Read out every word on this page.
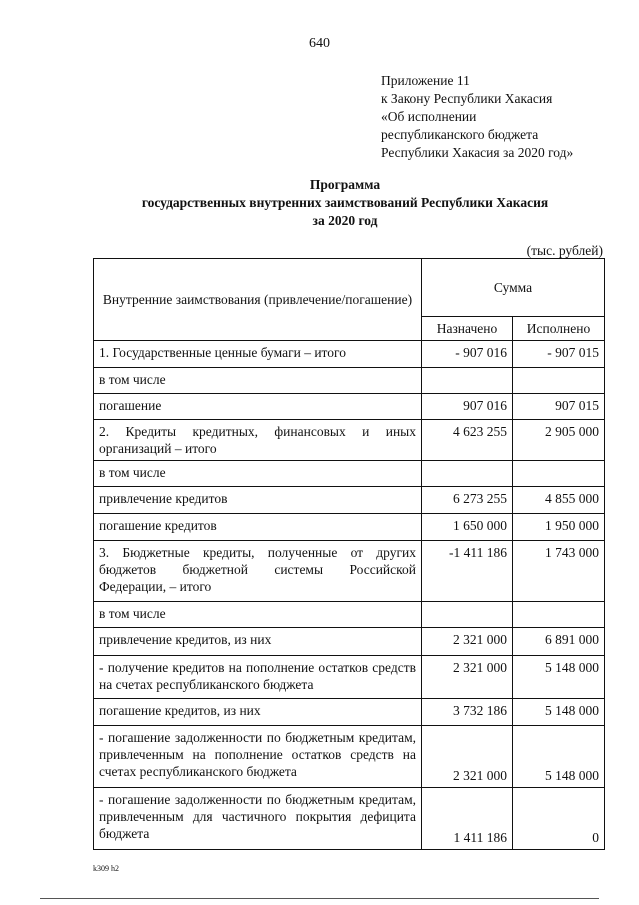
640
Приложение 11
к Закону Республики Хакасия
«Об исполнении
республиканского бюджета
Республики Хакасия за 2020 год»
Программа
государственных внутренних заимствований Республики Хакасия
за 2020 год
(тыс. рублей)
Внутренние заимствования (привлечение/погашение)	Сумма	
	Назначено	Исполнено
1. Государственные ценные бумаги – итого	- 907 016	- 907 015
в том числе		
погашение	907 016	907 015
2. Кредиты кредитных, финансовых и иных организаций – итого	4 623 255	2 905 000
в том числе		
привлечение кредитов	6 273 255	4 855 000
погашение кредитов	1 650 000	1 950 000
3. Бюджетные кредиты, полученные от других бюджетов бюджетной системы Российской Федерации, – итого	-1 411 186	1 743 000
в том числе		
привлечение кредитов, из них	2 321 000	6 891 000
- получение кредитов на пополнение остатков средств на счетах республиканского бюджета	2 321 000	5 148 000
погашение кредитов, из них	3 732 186	5 148 000
- погашение задолженности по бюджетным кредитам, привлеченным на пополнение остатков средств на счетах республиканского бюджета	2 321 000	5 148 000
- погашение задолженности по бюджетным кредитам, привлеченным для частичного покрытия дефицита бюджета	1 411 186	0
k309 h2
